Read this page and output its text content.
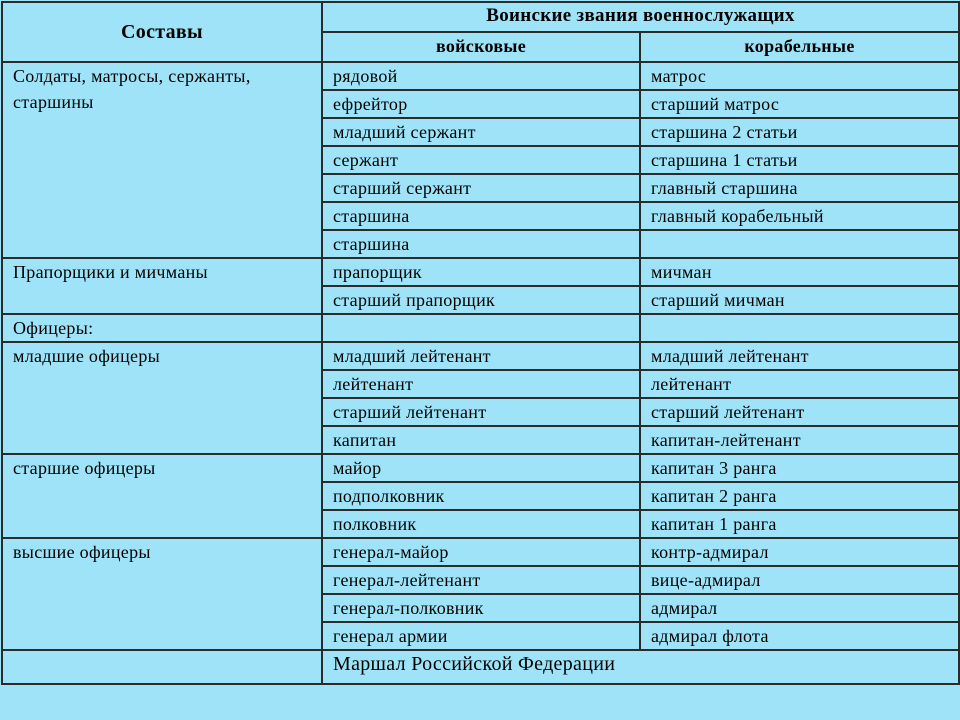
Составы	Воинские звания военнослужащих	
	войсковые	корабельные
Солдаты, матросы, сержанты, старшины	рядовой	матрос
	ефрейтор	старший матрос
	младший сержант	старшина 2 статьи
	сержант	старшина 1 статьи
	старший сержант	главный старшина
	старшина	главный корабельный
	старшина	
Прапорщики и мичманы	прапорщик	мичман
	старший прапорщик	старший мичман
Офицеры:		
младшие офицеры	младший лейтенант	младший лейтенант
	лейтенант	лейтенант
	старший лейтенант	старший лейтенант
	капитан	капитан-лейтенант
старшие офицеры	майор	капитан 3 ранга
	подполковник	капитан 2 ранга
	полковник	капитан 1 ранга
высшие офицеры	генерал-майор	контр-адмирал
	генерал-лейтенант	вице-адмирал
	генерал-полковник	адмирал
	генерал армии	адмирал флота
	Маршал Российской Федерации	
